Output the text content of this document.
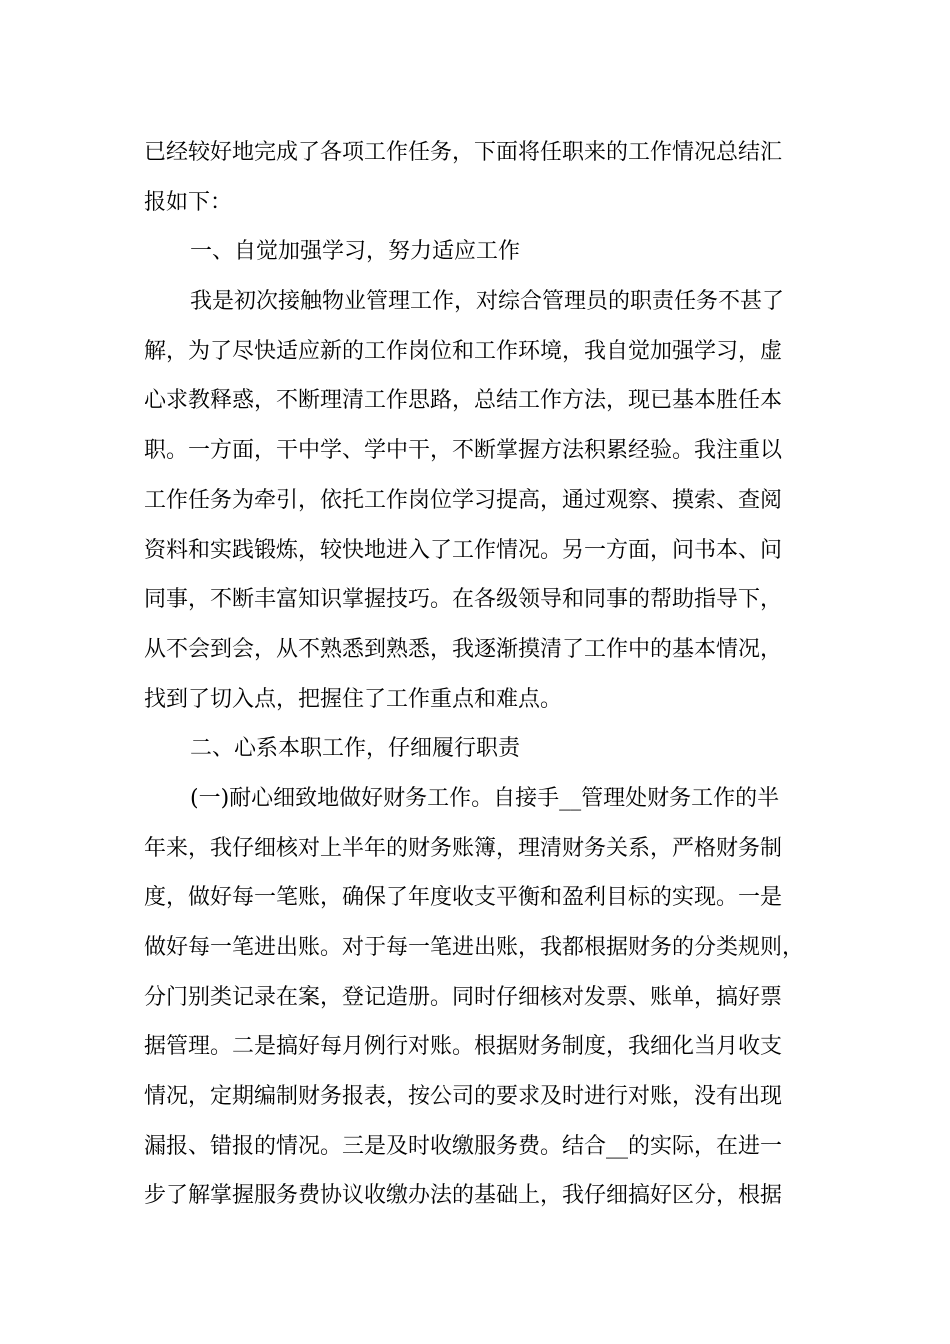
已经较好地完成了各项工作任务，下面将任职来的工作情况总结汇
报如下：
一、自觉加强学习，努力适应工作
我是初次接触物业管理工作，对综合管理员的职责任务不甚了
解，为了尽快适应新的工作岗位和工作环境，我自觉加强学习，虚
心求教释惑，不断理清工作思路，总结工作方法，现已基本胜任本
职。一方面，干中学、学中干，不断掌握方法积累经验。我注重以
工作任务为牵引，依托工作岗位学习提高，通过观察、摸索、查阅
资料和实践锻炼，较快地进入了工作情况。另一方面，问书本、问
同事，不断丰富知识掌握技巧。在各级领导和同事的帮助指导下，
从不会到会，从不熟悉到熟悉，我逐渐摸清了工作中的基本情况，
找到了切入点，把握住了工作重点和难点。
二、心系本职工作，仔细履行职责
(一)耐心细致地做好财务工作。自接手__管理处财务工作的半
年来，我仔细核对上半年的财务账簿，理清财务关系，严格财务制
度，做好每一笔账，确保了年度收支平衡和盈利目标的实现。一是
做好每一笔进出账。对于每一笔进出账，我都根据财务的分类规则，
分门别类记录在案，登记造册。同时仔细核对发票、账单，搞好票
据管理。二是搞好每月例行对账。根据财务制度，我细化当月收支
情况，定期编制财务报表，按公司的要求及时进行对账，没有出现
漏报、错报的情况。三是及时收缴服务费。结合__的实际，在进一
步了解掌握服务费协议收缴办法的基础上，我仔细搞好区分，根据
